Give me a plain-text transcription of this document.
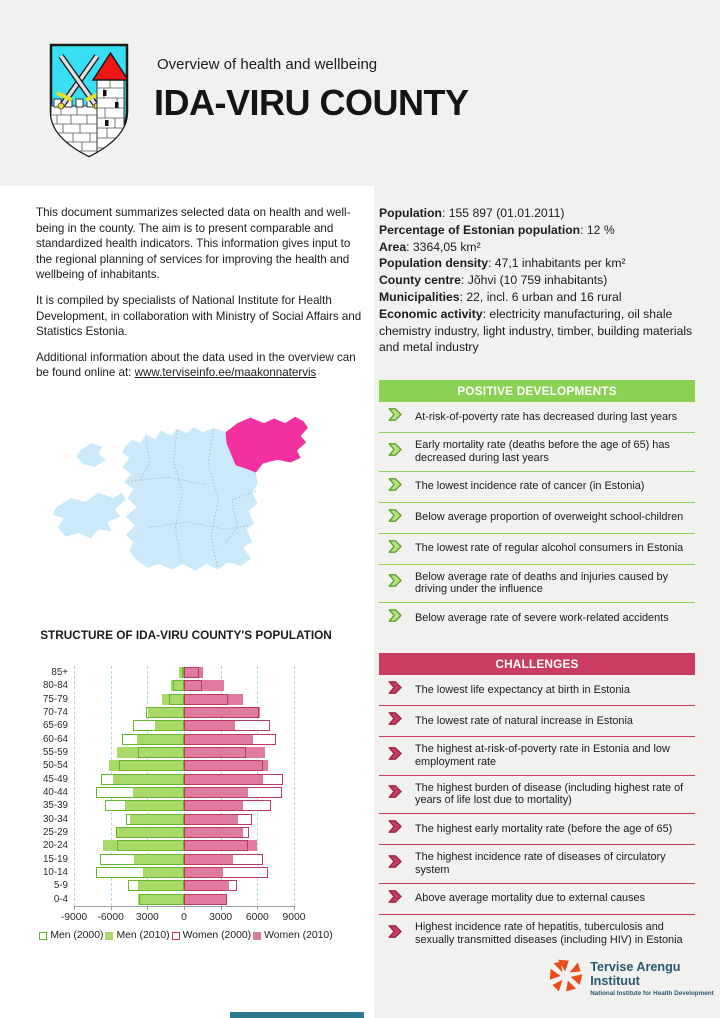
Overview of health and wellbeing
IDA-VIRU COUNTY

This document summarizes selected data on health and well-being in the county. The aim is to present comparable and standardized health indicators. This information gives input to the regional planning of services for improving the health and wellbeing of inhabitants.

It is compiled by specialists of National Institute for Health Development, in collaboration with Ministry of Social Affairs and Statistics Estonia.

Additional information about the data used in the overview can be found online at: www.terviseinfo.ee/maakonnatervis

STRUCTURE OF IDA-VIRU COUNTY'S POPULATION
85+
80-84
75-79
70-74
65-69
60-64
55-59
50-54
45-49
40-44
35-39
30-34
25-29
20-24
15-19
10-14
5-9
0-4
-9000 -6000 3000 0 3000 6000 9000
Men (2000) Men (2010) Women (2000) Women (2010)
Population : 155 897 (01.01.2011)
Percentage of Estonian population : 12 %
Area : 3364,05 km²
Population density : 47,1 inhabitants per km²
County centre : Jõhvi (10 759 inhabitants)
Municipalities : 22, incl. 6 urban and 16 rural
Economic activity : electricity manufacturing, oil shale chemistry industry, light industry, timber, building materials and metal industry
POSITIVE DEVELOPMENTS
At-risk-of-poverty rate has decreased during last years
Early mortality rate (deaths before the age of 65) has decreased during last years
The lowest incidence rate of cancer (in Estonia)
Below average proportion of overweight school-children
The lowest rate of regular alcohol consumers in Estonia
Below average rate of deaths and injuries caused by driving under the influence
Below average rate of severe work-related accidents
CHALLENGES
The lowest life expectancy at birth in Estonia
The lowest rate of natural increase in Estonia
The highest at-risk-of-poverty rate in Estonia and low employment rate
The highest burden of disease (including highest rate of years of life lost due to mortality)
The highest early mortality rate (before the age of 65)
The highest incidence rate of diseases of circulatory system
Above average mortality due to external causes
Highest incidence rate of hepatitis, tuberculosis and sexually transmitted diseases (including HIV) in Estonia
Tervise Arengu Instituut
National Institute for Health Development
